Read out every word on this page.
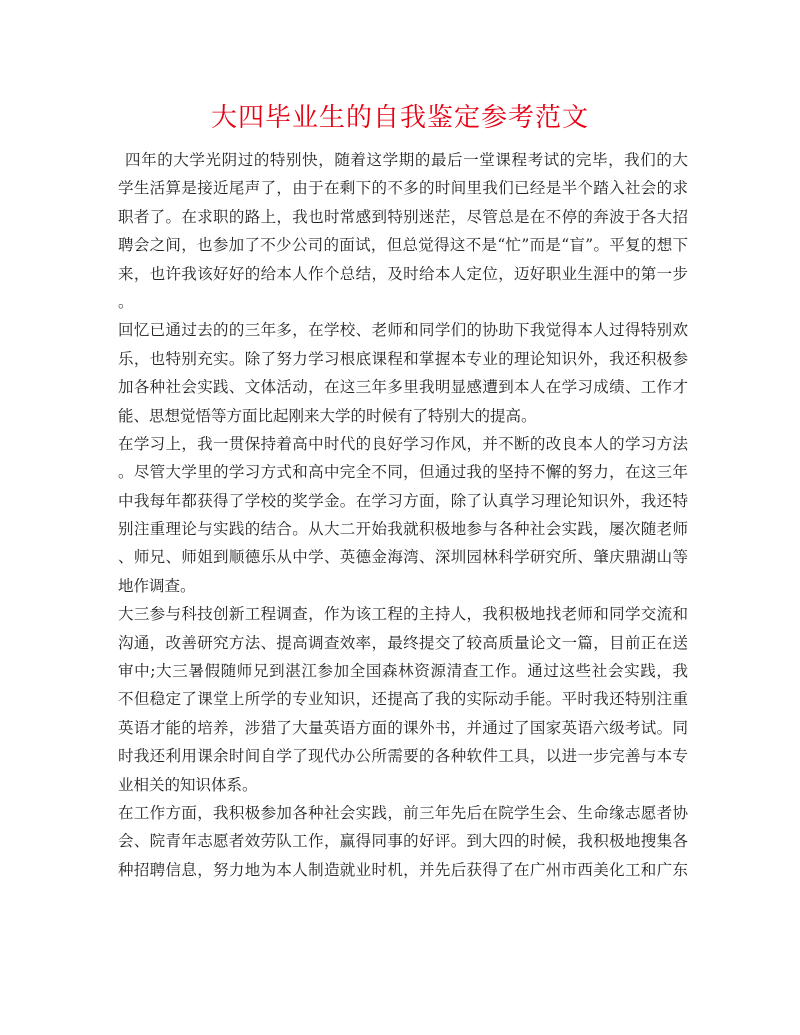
大四毕业生的自我鉴定参考范文
四年的大学光阴过的特别快，随着这学期的最后一堂课程考试的完毕，我们的大
学生活算是接近尾声了，由于在剩下的不多的时间里我们已经是半个踏入社会的求
职者了。在求职的路上，我也时常感到特别迷茫，尽管总是在不停的奔波于各大招
聘会之间，也参加了不少公司的面试，但总觉得这不是“忙”而是“盲”。平复的想下
来，也许我该好好的给本人作个总结，及时给本人定位，迈好职业生涯中的第一步
。
回忆已通过去的的三年多，在学校、老师和同学们的协助下我觉得本人过得特别欢
乐，也特别充实。除了努力学习根底课程和掌握本专业的理论知识外，我还积极参
加各种社会实践、文体活动，在这三年多里我明显感遭到本人在学习成绩、工作才
能、思想觉悟等方面比起刚来大学的时候有了特别大的提高。
在学习上，我一贯保持着高中时代的良好学习作风，并不断的改良本人的学习方法
。尽管大学里的学习方式和高中完全不同，但通过我的坚持不懈的努力，在这三年
中我每年都获得了学校的奖学金。在学习方面，除了认真学习理论知识外，我还特
别注重理论与实践的结合。从大二开始我就积极地参与各种社会实践，屡次随老师
、师兄、师姐到顺德乐从中学、英德金海湾、深圳园林科学研究所、肇庆鼎湖山等
地作调查。
大三参与科技创新工程调查，作为该工程的主持人，我积极地找老师和同学交流和
沟通，改善研究方法、提高调查效率，最终提交了较高质量论文一篇，目前正在送
审中;大三暑假随师兄到湛江参加全国森林资源清查工作。通过这些社会实践，我
不但稳定了课堂上所学的专业知识，还提高了我的实际动手能。平时我还特别注重
英语才能的培养，涉猎了大量英语方面的课外书，并通过了国家英语六级考试。同
时我还利用课余时间自学了现代办公所需要的各种软件工具，以进一步完善与本专
业相关的知识体系。
在工作方面，我积极参加各种社会实践，前三年先后在院学生会、生命缘志愿者协
会、院青年志愿者效劳队工作，赢得同事的好评。到大四的时候，我积极地搜集各
种招聘信息，努力地为本人制造就业时机，并先后获得了在广州市西美化工和广东
